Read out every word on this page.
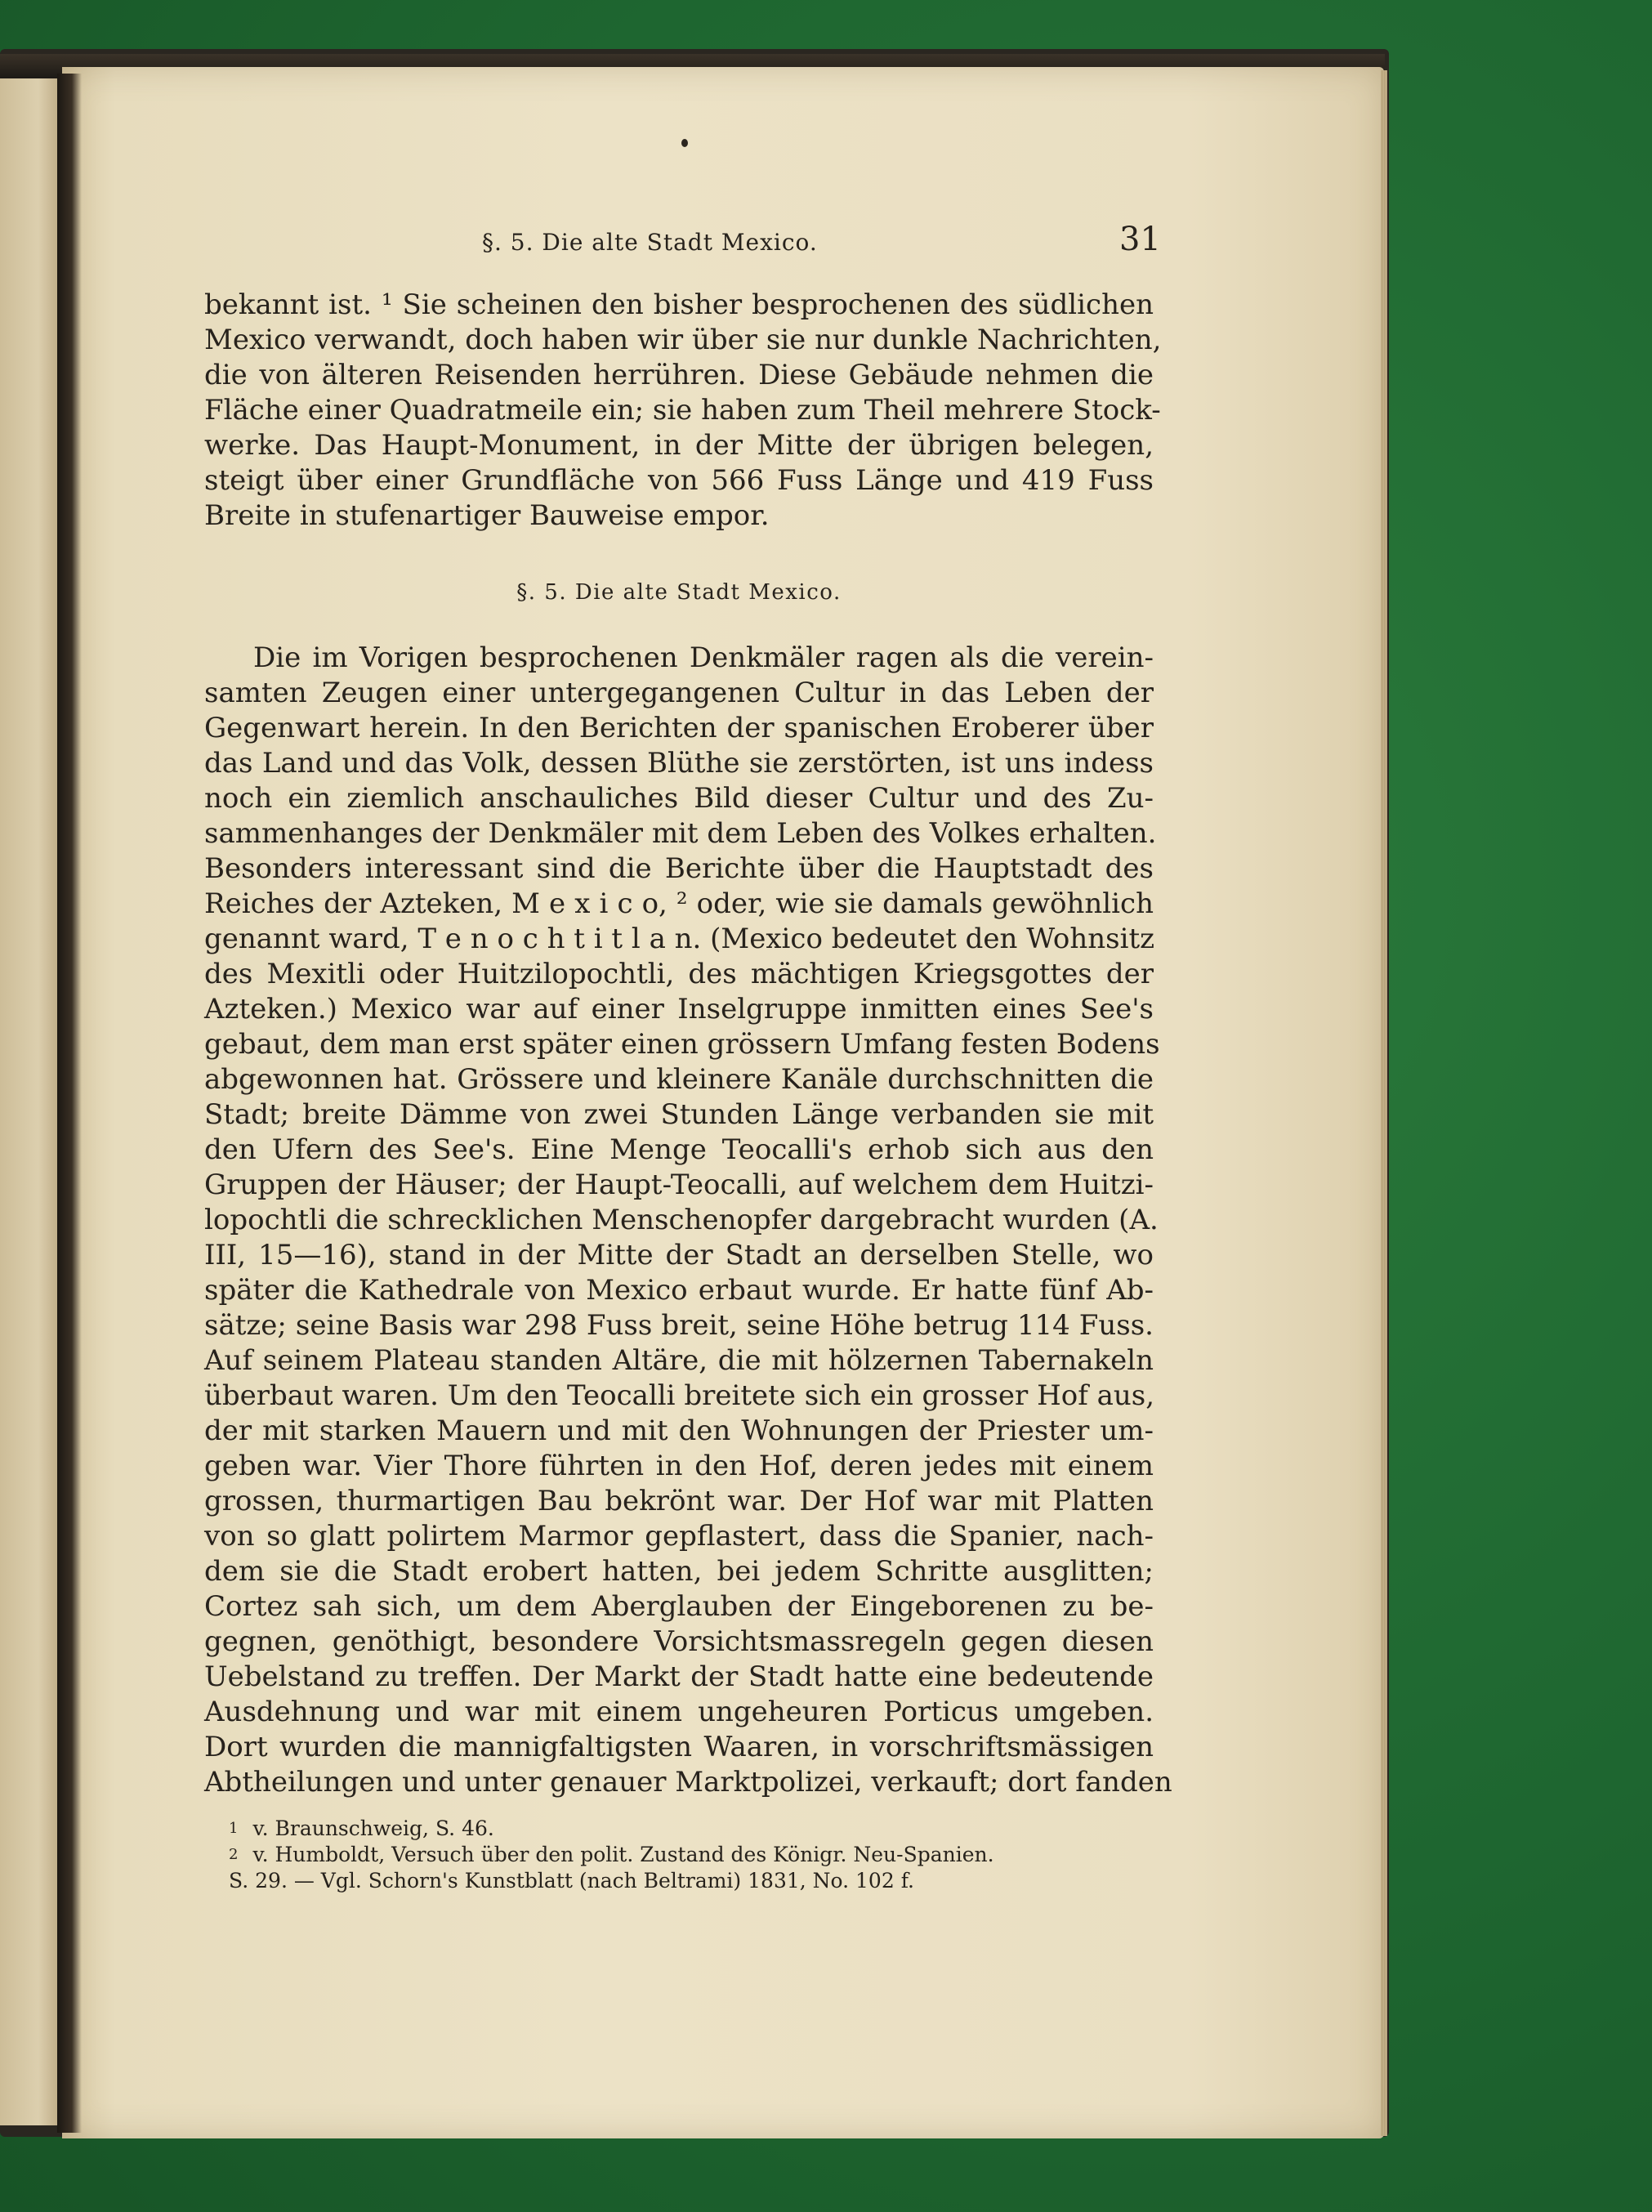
§. 5. Die alte Stadt Mexico.	31
bekannt ist. ¹ Sie scheinen den bisher besprochenen des südlichen
Mexico verwandt, doch haben wir über sie nur dunkle Nachrichten,
die von älteren Reisenden herrühren. Diese Gebäude nehmen die
Fläche einer Quadratmeile ein; sie haben zum Theil mehrere Stock-
werke. Das Haupt-Monument, in der Mitte der übrigen belegen,
steigt über einer Grundfläche von 566 Fuss Länge und 419 Fuss
Breite in stufenartiger Bauweise empor.
§. 5. Die alte Stadt Mexico.
Die im Vorigen besprochenen Denkmäler ragen als die verein-
samten Zeugen einer untergegangenen Cultur in das Leben der
Gegenwart herein. In den Berichten der spanischen Eroberer über
das Land und das Volk, dessen Blüthe sie zerstörten, ist uns indess
noch ein ziemlich anschauliches Bild dieser Cultur und des Zu-
sammenhanges der Denkmäler mit dem Leben des Volkes erhalten.
Besonders interessant sind die Berichte über die Hauptstadt des
Reiches der Azteken, M e x i c o, ² oder, wie sie damals gewöhnlich
genannt ward, T e n o c h t i t l a n. (Mexico bedeutet den Wohnsitz
des Mexitli oder Huitzilopochtli, des mächtigen Kriegsgottes der
Azteken.) Mexico war auf einer Inselgruppe inmitten eines See's
gebaut, dem man erst später einen grössern Umfang festen Bodens
abgewonnen hat. Grössere und kleinere Kanäle durchschnitten die
Stadt; breite Dämme von zwei Stunden Länge verbanden sie mit
den Ufern des See's. Eine Menge Teocalli's erhob sich aus den
Gruppen der Häuser; der Haupt-Teocalli, auf welchem dem Huitzi-
lopochtli die schrecklichen Menschenopfer dargebracht wurden (A.
III, 15—16), stand in der Mitte der Stadt an derselben Stelle, wo
später die Kathedrale von Mexico erbaut wurde. Er hatte fünf Ab-
sätze; seine Basis war 298 Fuss breit, seine Höhe betrug 114 Fuss.
Auf seinem Plateau standen Altäre, die mit hölzernen Tabernakeln
überbaut waren. Um den Teocalli breitete sich ein grosser Hof aus,
der mit starken Mauern und mit den Wohnungen der Priester um-
geben war. Vier Thore führten in den Hof, deren jedes mit einem
grossen, thurmartigen Bau bekrönt war. Der Hof war mit Platten
von so glatt polirtem Marmor gepflastert, dass die Spanier, nach-
dem sie die Stadt erobert hatten, bei jedem Schritte ausglitten;
Cortez sah sich, um dem Aberglauben der Eingeborenen zu be-
gegnen, genöthigt, besondere Vorsichtsmassregeln gegen diesen
Uebelstand zu treffen. Der Markt der Stadt hatte eine bedeutende
Ausdehnung und war mit einem ungeheuren Porticus umgeben.
Dort wurden die mannigfaltigsten Waaren, in vorschriftsmässigen
Abtheilungen und unter genauer Marktpolizei, verkauft; dort fanden
$^1$ v. Braunschweig, S. 46.
$^2$ v. Humboldt, Versuch über den polit. Zustand des Königr. Neu-Spanien.
S. 29. — Vgl. Schorn's Kunstblatt (nach Beltrami) 1831, No. 102 f.
